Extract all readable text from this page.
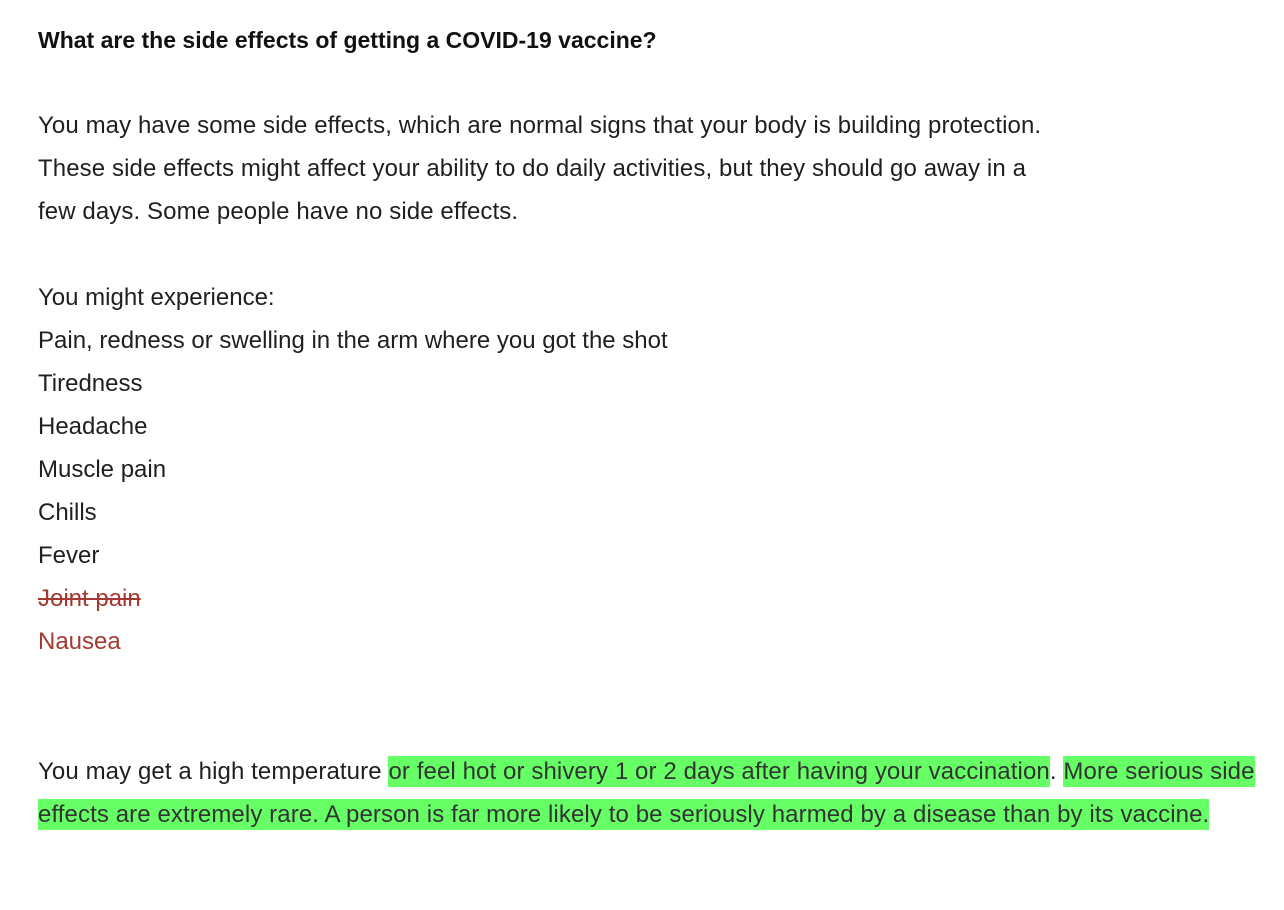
What are the side effects of getting a COVID-19 vaccine?

You may have some side effects, which are normal signs that your body is building protection.

These side effects might affect your ability to do daily activities, but they should go away in a

few days. Some people have no side effects.

You might experience:

Pain, redness or swelling in the arm where you got the shot

Tiredness

Headache

Muscle pain

Chills

Fever

Joint pain

Nausea

You may get a high temperature or feel hot or shivery 1 or 2 days after having your vaccination. More serious side effects are extremely rare. A person is far more likely to be seriously harmed by a disease than by its vaccine.
